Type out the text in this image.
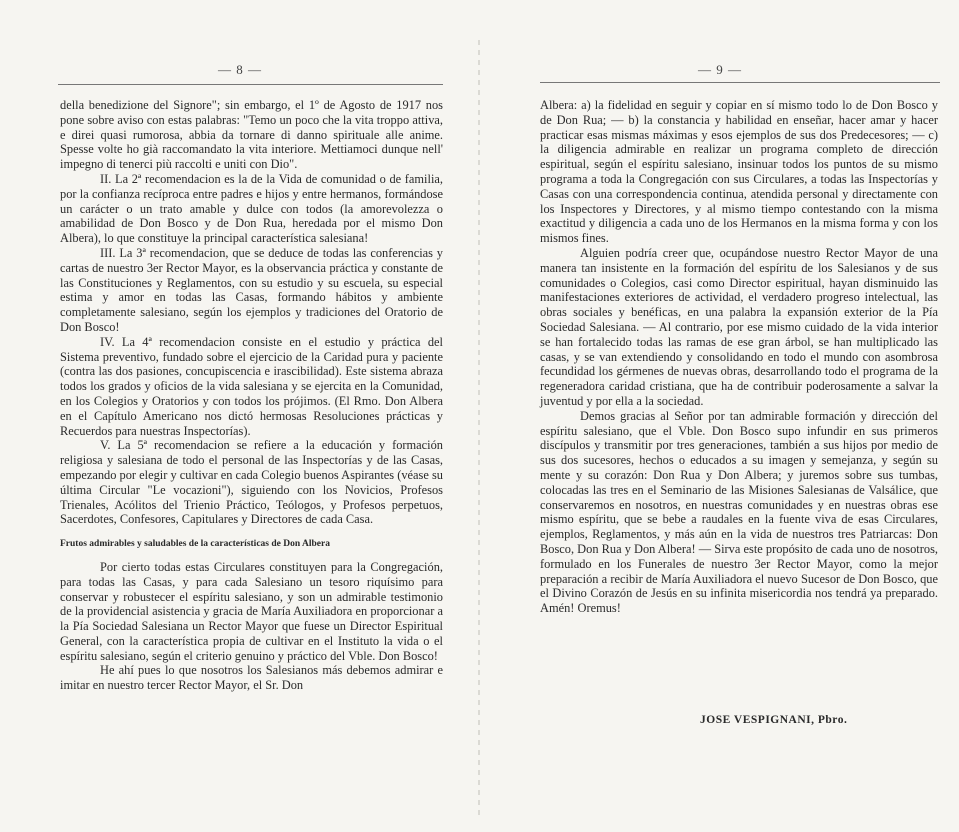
— 8 —

della benedizione del Signore"; sin embargo, el 1º de Agosto de 1917 nos pone sobre aviso con estas palabras: "Temo un poco che la vita troppo attiva, e direi quasi rumorosa, abbia da tornare di danno spirituale alle anime. Spesse volte ho già raccomandato la vita interiore. Mettiamoci dunque nell' impegno di tenerci più raccolti e uniti con Dio".

II. La 2ª recomendacion es la de la Vida de comunidad o de familia, por la confianza recíproca entre padres e hijos y entre hermanos, formándose un carácter o un trato amable y dulce con todos (la amorevolezza o amabilidad de Don Bosco y de Don Rua, heredada por el mismo Don Albera), lo que constituye la principal característica salesiana!

III. La 3ª recomendacion, que se deduce de todas las conferencias y cartas de nuestro 3er Rector Mayor, es la observancia práctica y constante de las Constituciones y Reglamentos, con su estudio y su escuela, su especial estima y amor en todas las Casas, formando hábitos y ambiente completamente salesiano, según los ejemplos y tradiciones del Oratorio de Don Bosco!

IV. La 4ª recomendacion consiste en el estudio y práctica del Sistema preventivo, fundado sobre el ejercicio de la Caridad pura y paciente (contra las dos pasiones, concupiscencia e irascibilidad). Este sistema abraza todos los grados y oficios de la vida salesiana y se ejercita en la Comunidad, en los Colegios y Oratorios y con todos los prójimos. (El Rmo. Don Albera en el Capítulo Americano nos dictó hermosas Resoluciones prácticas y Recuerdos para nuestras Inspectorías).

V. La 5ª recomendacion se refiere a la educación y formación religiosa y salesiana de todo el personal de las Inspectorías y de las Casas, empezando por elegir y cultivar en cada Colegio buenos Aspirantes (véase su última Circular "Le vocazioni"), siguiendo con los Novicios, Profesos Trienales, Acólitos del Trienio Práctico, Teólogos, y Profesos perpetuos, Sacerdotes, Confesores, Capitulares y Directores de cada Casa.

Frutos admirables y saludables de la características de Don Albera

Por cierto todas estas Circulares constituyen para la Congregación, para todas las Casas, y para cada Salesiano un tesoro riquísimo para conservar y robustecer el espíritu salesiano, y son un admirable testimonio de la providencial asistencia y gracia de María Auxiliadora en proporcionar a la Pía Sociedad Salesiana un Rector Mayor que fuese un Director Espiritual General, con la característica propia de cultivar en el Instituto la vida o el espíritu salesiano, según el criterio genuino y práctico del Vble. Don Bosco!

He ahí pues lo que nosotros los Salesianos más debemos admirar e imitar en nuestro tercer Rector Mayor, el Sr. Don

— 9 —

Albera: a) la fidelidad en seguir y copiar en sí mismo todo lo de Don Bosco y de Don Rua; — b) la constancia y habilidad en enseñar, hacer amar y hacer practicar esas mismas máximas y esos ejemplos de sus dos Predecesores; — c) la diligencia admirable en realizar un programa completo de dirección espiritual, según el espíritu salesiano, insinuar todos los puntos de su mismo programa a toda la Congregación con sus Circulares, a todas las Inspectorías y Casas con una correspondencia continua, atendida personal y directamente con los Inspectores y Directores, y al mismo tiempo contestando con la misma exactitud y diligencia a cada uno de los Hermanos en la misma forma y con los mismos fines.

Alguien podría creer que, ocupándose nuestro Rector Mayor de una manera tan insistente en la formación del espíritu de los Salesianos y de sus comunidades o Colegios, casi como Director espiritual, hayan disminuido las manifestaciones exteriores de actividad, el verdadero progreso intelectual, las obras sociales y benéficas, en una palabra la expansión exterior de la Pía Sociedad Salesiana. — Al contrario, por ese mismo cuidado de la vida interior se han fortalecido todas las ramas de ese gran árbol, se han multiplicado las casas, y se van extendiendo y consolidando en todo el mundo con asombrosa fecundidad los gérmenes de nuevas obras, desarrollando todo el programa de la regeneradora caridad cristiana, que ha de contribuir poderosamente a salvar la juventud y por ella a la sociedad.

Demos gracias al Señor por tan admirable formación y dirección del espíritu salesiano, que el Vble. Don Bosco supo infundir en sus primeros discípulos y transmitir por tres generaciones, también a sus hijos por medio de sus dos sucesores, hechos o educados a su imagen y semejanza, y según su mente y su corazón: Don Rua y Don Albera; y juremos sobre sus tumbas, colocadas las tres en el Seminario de las Misiones Salesianas de Valsálice, que conservaremos en nosotros, en nuestras comunidades y en nuestras obras ese mismo espíritu, que se bebe a raudales en la fuente viva de esas Circulares, ejemplos, Reglamentos, y más aún en la vida de nuestros tres Patriarcas: Don Bosco, Don Rua y Don Albera! — Sirva este propósito de cada uno de nosotros, formulado en los Funerales de nuestro 3er Rector Mayor, como la mejor preparación a recibir de María Auxiliadora el nuevo Sucesor de Don Bosco, que el Divino Corazón de Jesús en su infinita misericordia nos tendrá ya preparado. Amén! Oremus!

JOSE VESPIGNANI, Pbro.
